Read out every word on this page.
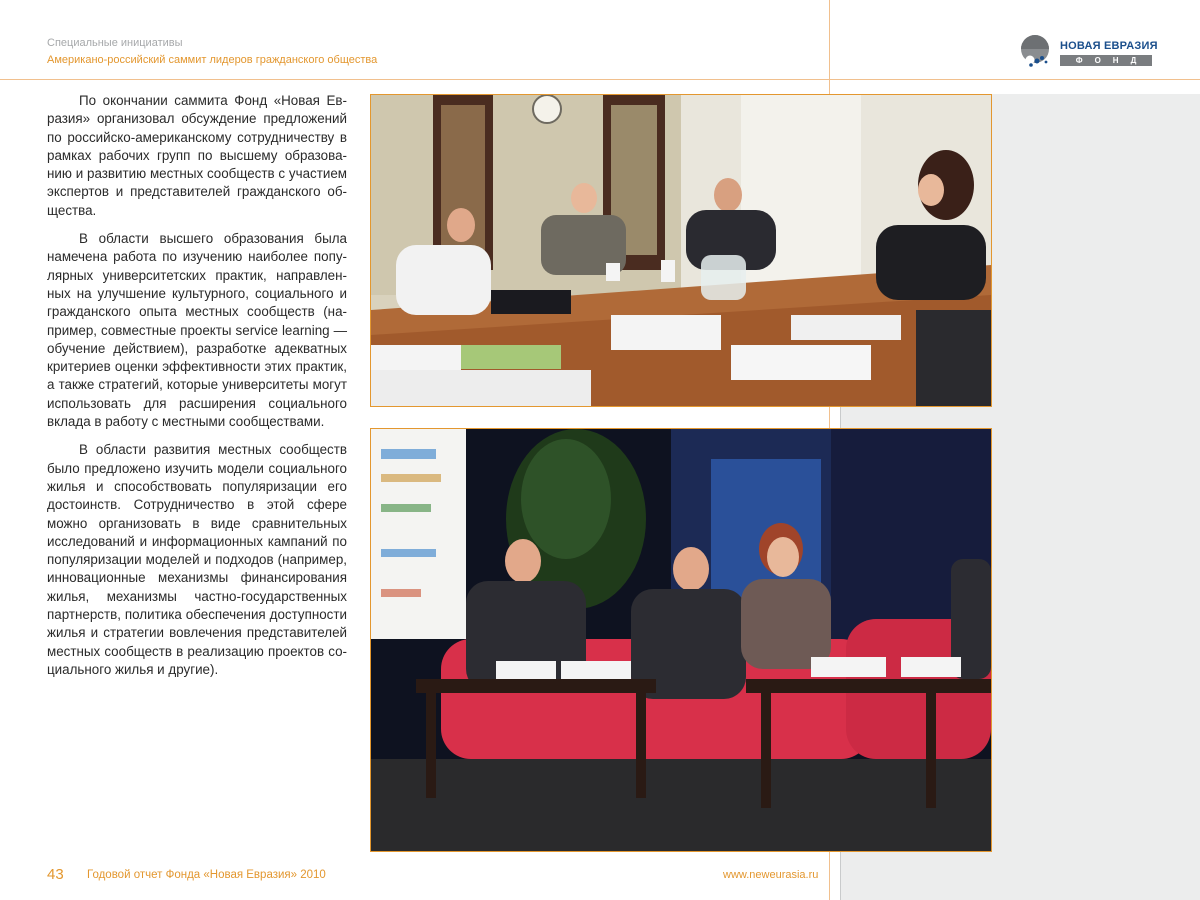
Специальные инициативы
Американо-российский саммит лидеров гражданского общества
НОВАЯ ЕВРАЗИЯ
ФОНД

По окончании саммита Фонд «Новая Евразия» организовал обсуждение предложений по российско-американскому сотрудничеству в рамках рабочих групп по высшему образованию и развитию местных сообществ с участием экспертов и представителей гражданского общества.

В области высшего образования была намечена работа по изучению наиболее популярных университетских практик, направленных на улучшение культурного, социального и гражданского опыта местных сообществ (например, совместные проекты service learning — обучение действием), разработке адекватных критериев оценки эффективности этих практик, а также стратегий, которые университеты могут использовать для расширения социального вклада в работу с местными сообществами.

В области развития местных сообществ было предложено изучить модели социального жилья и способствовать популяризации его достоинств. Сотрудничество в этой сфере можно организовать в виде сравнительных исследований и информационных кампаний по популяризации моделей и подходов (например, инновационные механизмы финансирования жилья, механизмы частно-государственных партнерств, политика обеспечения доступности жилья и стратегии вовлечения представителей местных сообществ в реализацию проектов социального жилья и другие).

43 Годовой отчет Фонда «Новая Евразия» 2010	www.neweurasia.ru
